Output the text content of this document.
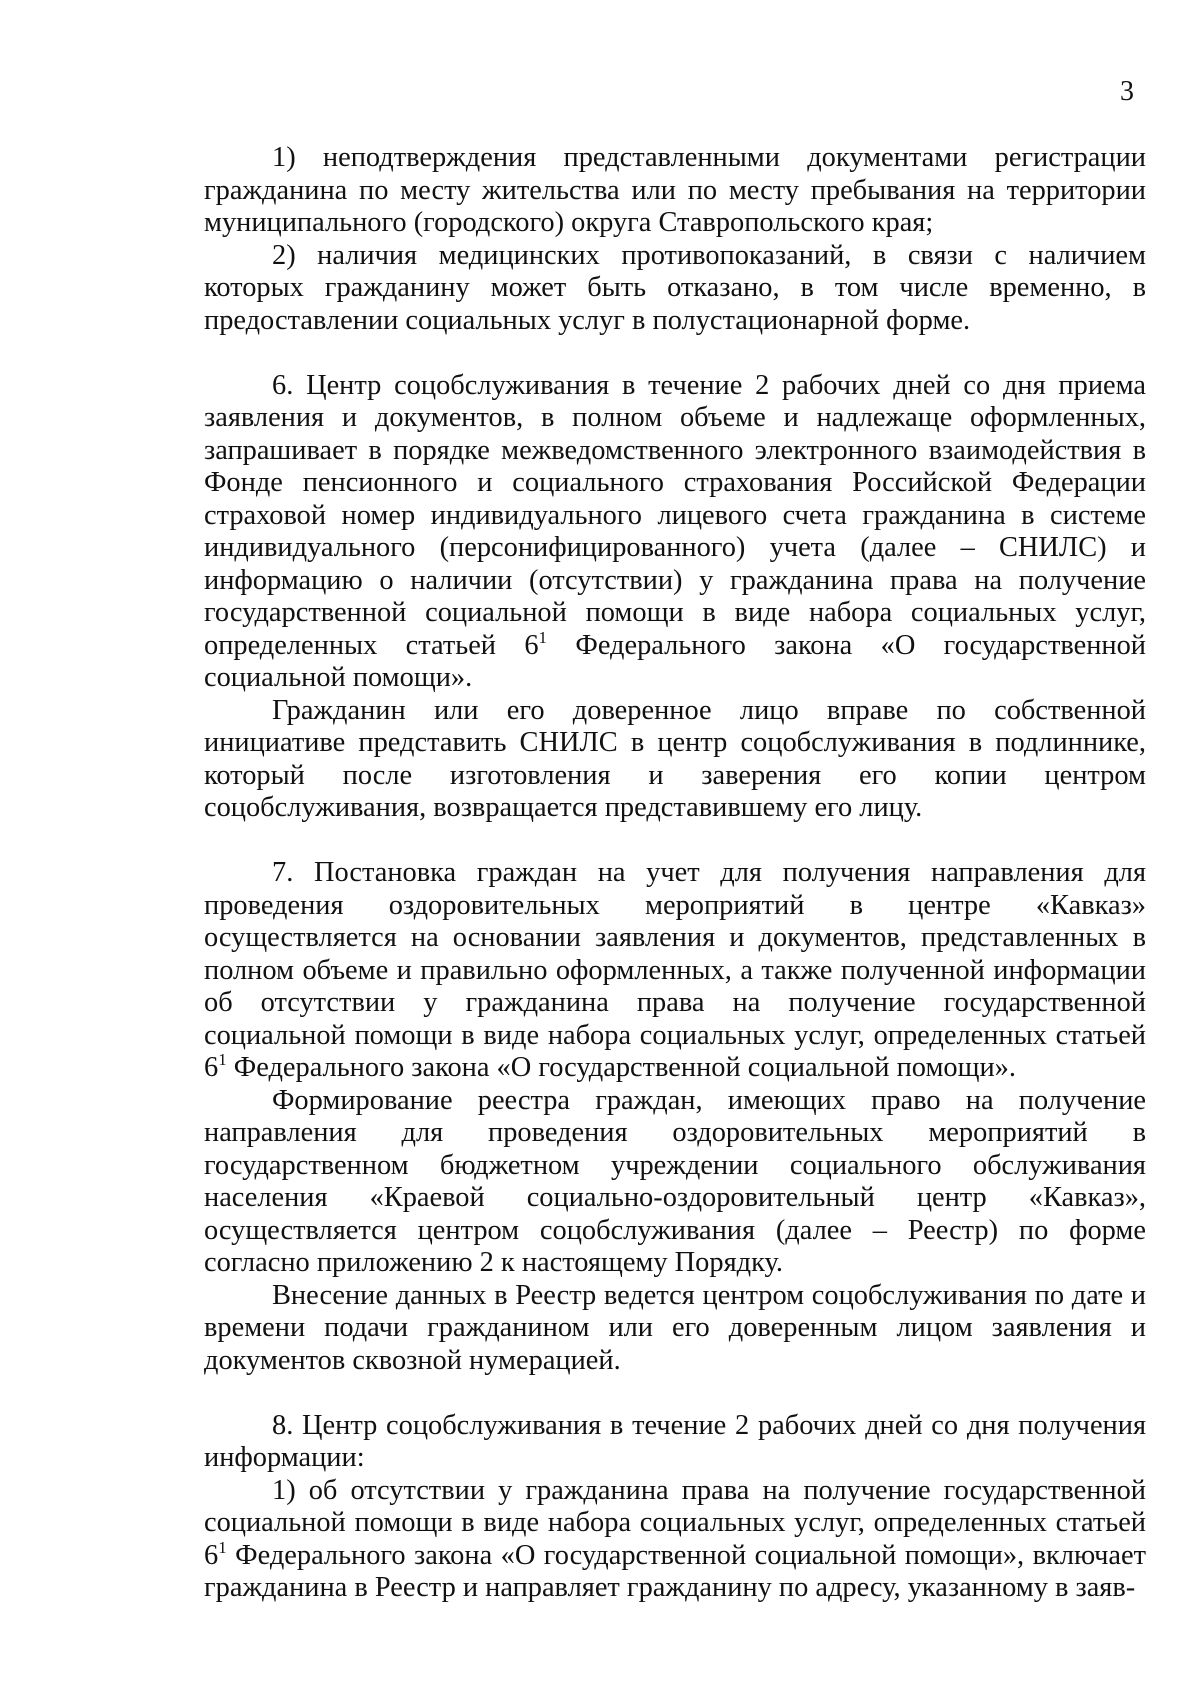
3

1) неподтверждения представленными документами регистрации гражданина по месту жительства или по месту пребывания на территории муниципального (городского) округа Ставропольского края;

2) наличия медицинских противопоказаний, в связи с наличием которых гражданину может быть отказано, в том числе временно, в предоставлении социальных услуг в полустационарной форме.

6. Центр соцобслуживания в течение 2 рабочих дней со дня приема заявления и документов, в полном объеме и надлежаще оформленных, запрашивает в порядке межведомственного электронного взаимодействия в Фонде пенсионного и социального страхования Российской Федерации страховой номер индивидуального лицевого счета гражданина в системе индивидуального (персонифицированного) учета (далее – СНИЛС) и информацию о наличии (отсутствии) у гражданина права на получение государственной социальной помощи в виде набора социальных услуг, определенных статьей $6^1$ Федерального закона «О государственной социальной помощи».

Гражданин или его доверенное лицо вправе по собственной инициативе представить СНИЛС в центр соцобслуживания в подлиннике, который после изготовления и заверения его копии центром соцобслуживания, возвращается представившему его лицу.

7. Постановка граждан на учет для получения направления для проведения оздоровительных мероприятий в центре «Кавказ» осуществляется на основании заявления и документов, представленных в полном объеме и правильно оформленных, а также полученной информации об отсутствии у гражданина права на получение государственной социальной помощи в виде набора социальных услуг, определенных статьей $6^1$ Федерального закона «О государственной социальной помощи».

Формирование реестра граждан, имеющих право на получение направления для проведения оздоровительных мероприятий в государственном бюджетном учреждении социального обслуживания населения «Краевой социально-оздоровительный центр «Кавказ», осуществляется центром соцобслуживания (далее – Реестр) по форме согласно приложению 2 к настоящему Порядку.

Внесение данных в Реестр ведется центром соцобслуживания по дате и времени подачи гражданином или его доверенным лицом заявления и документов сквозной нумерацией.

8. Центр соцобслуживания в течение 2 рабочих дней со дня получения информации:

1) об отсутствии у гражданина права на получение государственной социальной помощи в виде набора социальных услуг, определенных статьей $6^1$ Федерального закона «О государственной социальной помощи», включает гражданина в Реестр и направляет гражданину по адресу, указанному в заяв-
